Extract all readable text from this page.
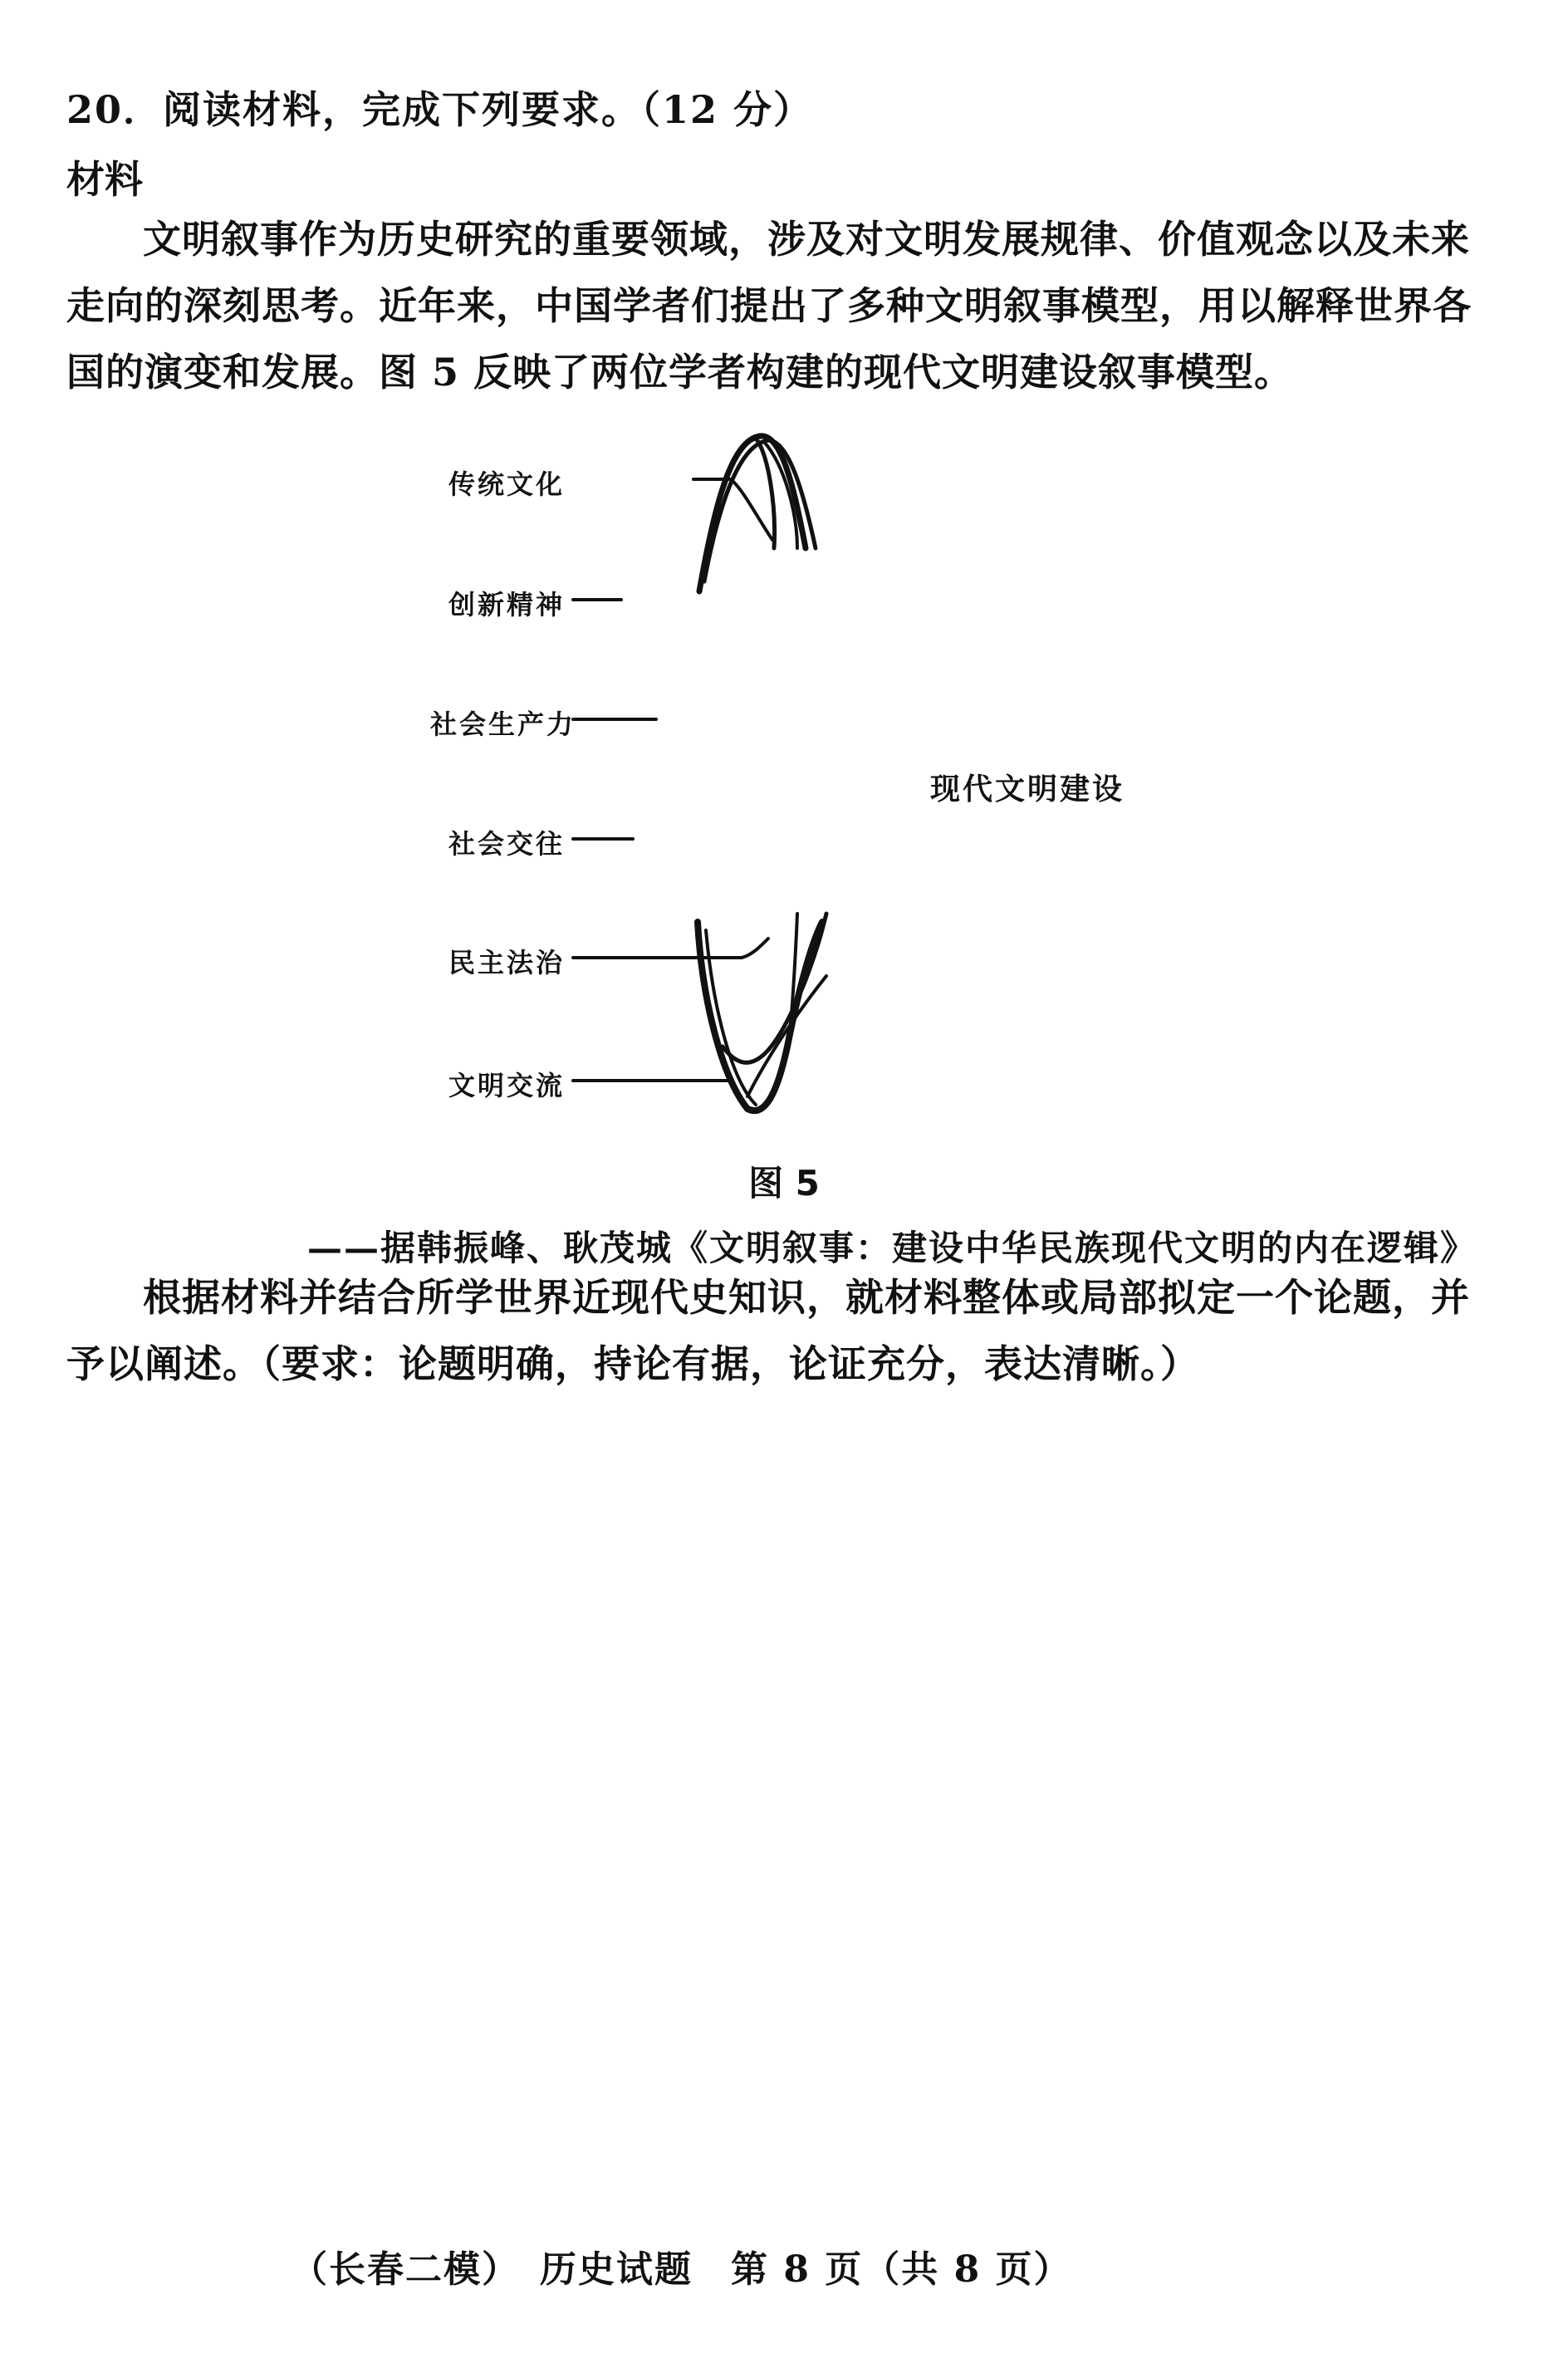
20．阅读材料，完成下列要求。（12 分）
材料
文明叙事作为历史研究的重要领域，涉及对文明发展规律、价值观念以及未来走向的深刻思考。近年来，中国学者们提出了多种文明叙事模型，用以解释世界各国的演变和发展。图 5 反映了两位学者构建的现代文明建设叙事模型。
传统文化
创新精神
社会生产力
社会交往
民主法治
文明交流
现代文明建设
图 5
——据韩振峰、耿茂城《文明叙事：建设中华民族现代文明的内在逻辑》
根据材料并结合所学世界近现代史知识，就材料整体或局部拟定一个论题，并予以阐述。（要求：论题明确，持论有据，论证充分，表达清晰。）
（长春二模）　历史试题　第 8 页（共 8 页）
